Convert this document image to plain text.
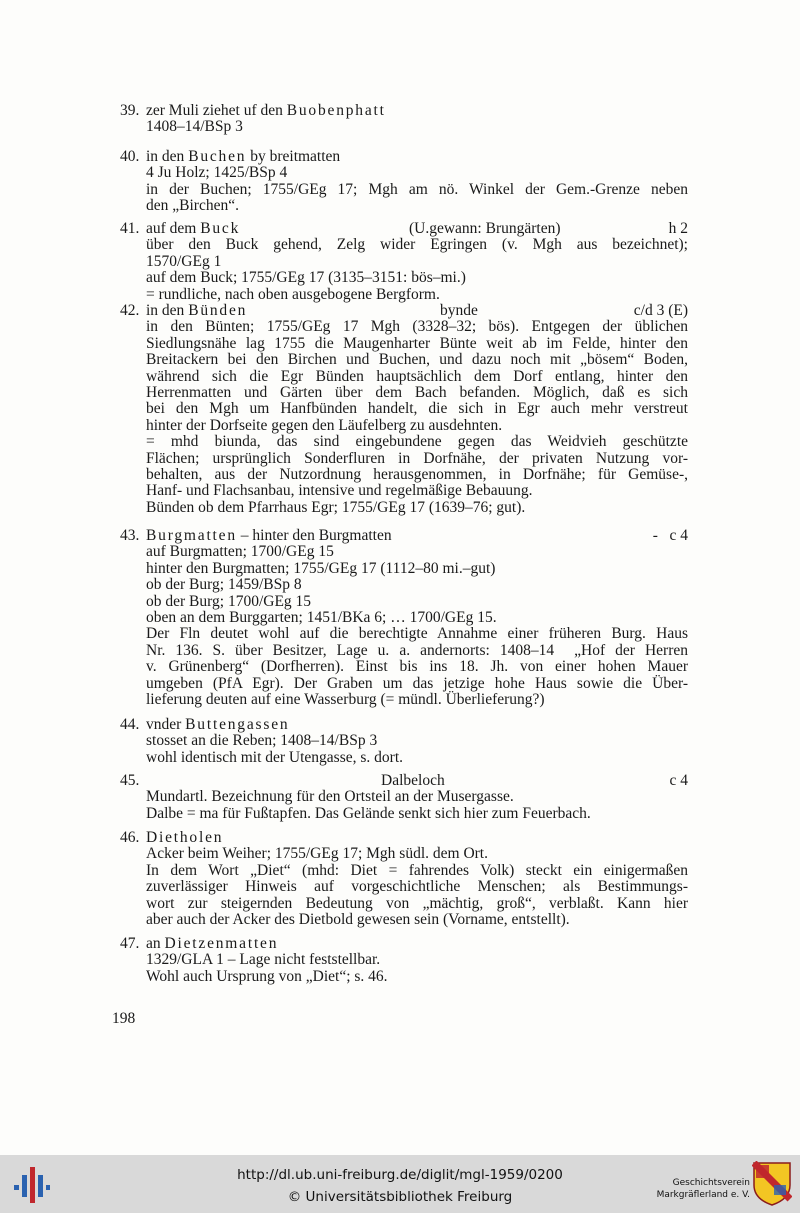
39. zer Muli ziehet uf den Buobenphatt
1408–14/BSp 3
40. in den Buchen by breitmatten
4 Ju Holz; 1425/BSp 4
in der Buchen; 1755/GEg 17; Mgh am nö. Winkel der Gem.-Grenze neben
den „Birchen“.
41. auf dem Buck	(U.gewann: Brungärten)	h 2
über den Buck gehend, Zelg wider Egringen (v. Mgh aus bezeichnet);
1570/GEg 1
auf dem Buck; 1755/GEg 17 (3135–3151: bös–mi.)
= rundliche, nach oben ausgebogene Bergform.
42. in den Bünden	bynde	c/d 3 (E)
in den Bünten; 1755/GEg 17 Mgh (3328–32; bös). Entgegen der üblichen
Siedlungsnähe lag 1755 die Maugenharter Bünte weit ab im Felde, hinter den
Breitackern bei den Birchen und Buchen, und dazu noch mit „bösem“ Boden,
während sich die Egr Bünden hauptsächlich dem Dorf entlang, hinter den
Herrenmatten und Gärten über dem Bach befanden. Möglich, daß es sich
bei den Mgh um Hanfbünden handelt, die sich in Egr auch mehr verstreut
hinter der Dorfseite gegen den Läufelberg zu ausdehnten.
= mhd biunda, das sind eingebundene gegen das Weidvieh geschützte
Flächen; ursprünglich Sonderfluren in Dorfnähe, der privaten Nutzung vor-
behalten, aus der Nutzordnung herausgenommen, in Dorfnähe; für Gemüse-,
Hanf- und Flachsanbau, intensive und regelmäßige Bebauung.
Bünden ob dem Pfarrhaus Egr; 1755/GEg 17 (1639–76; gut).
43. Burgmatten – hinter den Burgmatten	-   c 4
auf Burgmatten; 1700/GEg 15
hinter den Burgmatten; 1755/GEg 17 (1112–80 mi.–gut)
ob der Burg; 1459/BSp 8
ob der Burg; 1700/GEg 15
oben an dem Burggarten; 1451/BKa 6; … 1700/GEg 15.
Der Fln deutet wohl auf die berechtigte Annahme einer früheren Burg. Haus
Nr. 136. S. über Besitzer, Lage u. a. andernorts: 1408–14  „Hof der Herren
v. Grünenberg“ (Dorfherren). Einst bis ins 18. Jh. von einer hohen Mauer
umgeben (PfA Egr). Der Graben um das jetzige hohe Haus sowie die Über-
lieferung deuten auf eine Wasserburg (= mündl. Überlieferung?)
44. vnder Buttengassen
stosset an die Reben; 1408–14/BSp 3
wohl identisch mit der Utengasse, s. dort.
45.	Dalbeloch	c 4
Mundartl. Bezeichnung für den Ortsteil an der Musergasse.
Dalbe = ma für Fußtapfen. Das Gelände senkt sich hier zum Feuerbach.
46. Dietholen
Acker beim Weiher; 1755/GEg 17; Mgh südl. dem Ort.
In dem Wort „Diet“ (mhd: Diet = fahrendes Volk) steckt ein einigermaßen
zuverlässiger Hinweis auf vorgeschichtliche Menschen; als Bestimmungs-
wort zur steigernden Bedeutung von „mächtig, groß“, verblaßt. Kann hier
aber auch der Acker des Dietbold gewesen sein (Vorname, entstellt).
47. an Dietzenmatten
1329/GLA 1 – Lage nicht feststellbar.
Wohl auch Ursprung von „Diet“; s. 46.
198
http://dl.ub.uni-freiburg.de/diglit/mgl-1959/0200
© Universitätsbibliothek Freiburg
Geschichtsverein
Markgräflerland e. V.
